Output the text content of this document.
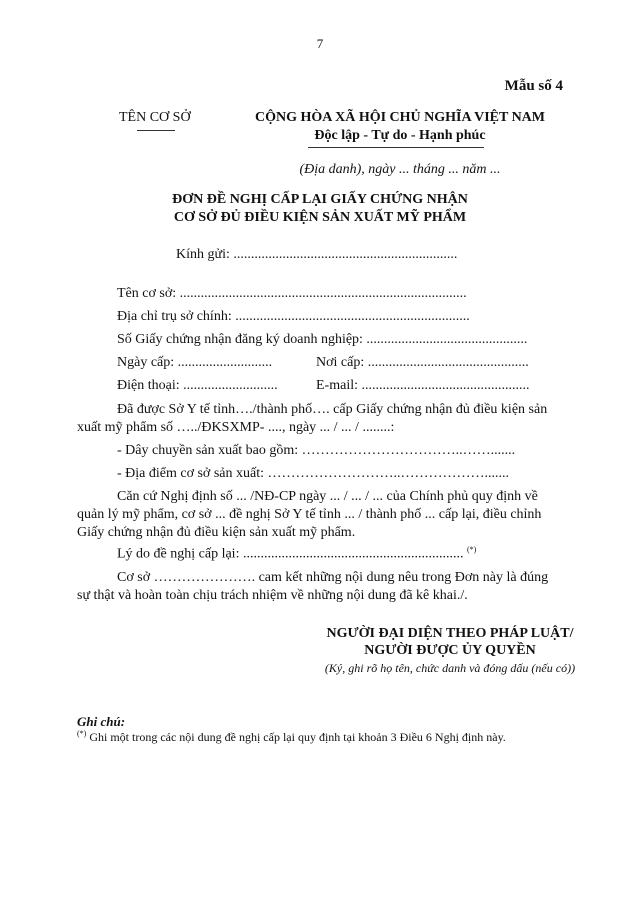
7
Mẫu số 4
TÊN CƠ SỞ	CỘNG HÒA XÃ HỘI CHỦ NGHĨA VIỆT NAM
Độc lập - Tự do - Hạnh phúc
(Địa danh), ngày ... tháng ... năm ...
ĐƠN ĐỀ NGHỊ CẤP LẠI GIẤY CHỨNG NHẬN
CƠ SỞ ĐỦ ĐIỀU KIỆN SẢN XUẤT MỸ PHẨM
Kính gửi: ................................................................
Tên cơ sở: ..................................................................................
Địa chỉ trụ sở chính: ...................................................................
Số Giấy chứng nhận đăng ký doanh nghiệp: ..............................................
Ngày cấp: ...........................	Nơi cấp: ..............................................
Điện thoại: ...........................	E-mail: ................................................
Đã được Sở Y tế tỉnh…./thành phố…. cấp Giấy chứng nhận đủ điều kiện sản
xuất mỹ phẩm số …../ĐKSXMP- ...., ngày ... / ... / ........:
- Dây chuyền sản xuất bao gồm: ……………………………..…….......
- Địa điểm cơ sở sản xuất: ………………………..……………….......
Căn cứ Nghị định số ... /NĐ-CP ngày ... / ... / ... của Chính phủ quy định về
quản lý mỹ phẩm, cơ sở ... đề nghị Sở Y tế tỉnh ... / thành phố ... cấp lại, điều chỉnh
Giấy chứng nhận đủ điều kiện sản xuất mỹ phẩm.
Lý do đề nghị cấp lại: ............................................................... (*)
Cơ sở …………………. cam kết những nội dung nêu trong Đơn này là đúng
sự thật và hoàn toàn chịu trách nhiệm về những nội dung đã kê khai./.
NGƯỜI ĐẠI DIỆN THEO PHÁP LUẬT/
NGƯỜI ĐƯỢC ỦY QUYỀN
(Ký, ghi rõ họ tên, chức danh và đóng dấu (nếu có))
Ghi chú:
(*) Ghi một trong các nội dung đề nghị cấp lại quy định tại khoản 3 Điều 6 Nghị định này.
